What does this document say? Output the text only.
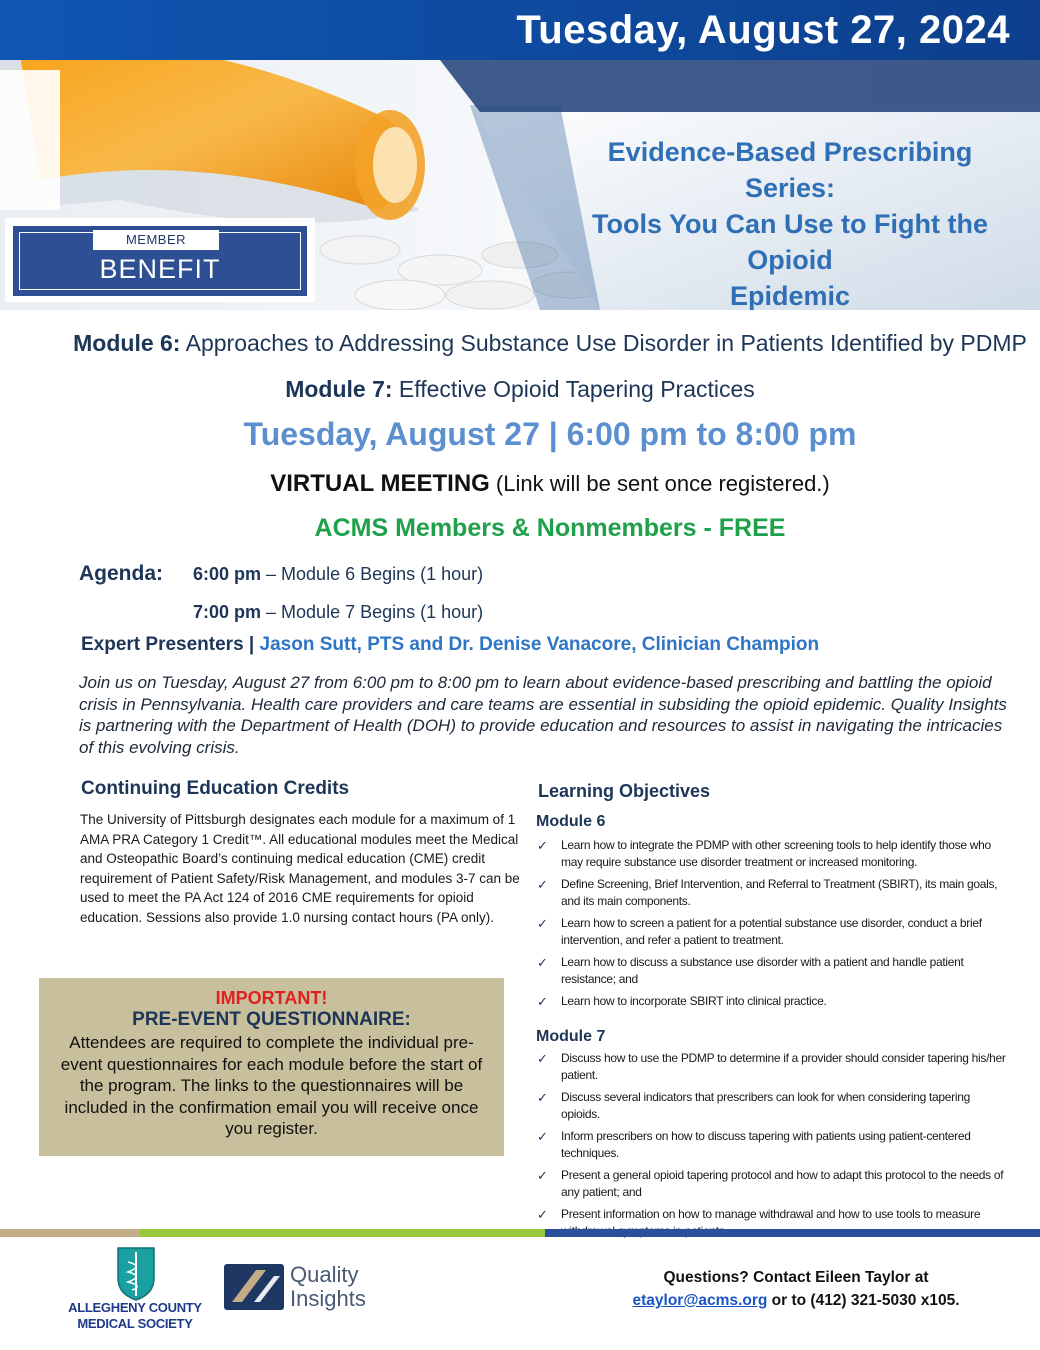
Tuesday, August 27, 2024
Evidence-Based Prescribing Series:
Tools You Can Use to Fight the Opioid
Epidemic
MEMBER
BENEFIT
Module 6: Approaches to Addressing Substance Use Disorder in Patients Identified by PDMP
Module 7: Effective Opioid Tapering Practices
Tuesday, August 27 | 6:00 pm to 8:00 pm
VIRTUAL MEETING (Link will be sent once registered.)
ACMS Members & Nonmembers - FREE
Agenda: 6:00 pm – Module 6 Begins (1 hour)
7:00 pm – Module 7 Begins (1 hour)
Expert Presenters | Jason Sutt, PTS and Dr. Denise Vanacore, Clinician Champion
Join us on Tuesday, August 27 from 6:00 pm to 8:00 pm to learn about evidence-based prescribing and battling the opioid crisis in Pennsylvania. Health care providers and care teams are essential in subsiding the opioid epidemic. Quality Insights is partnering with the Department of Health (DOH) to provide education and resources to assist in navigating the intricacies of this evolving crisis.
Continuing Education Credits
The University of Pittsburgh designates each module for a maximum of 1 AMA PRA Category 1 Credit™. All educational modules meet the Medical and Osteopathic Board’s continuing medical education (CME) credit requirement of Patient Safety/Risk Management, and modules 3-7 can be used to meet the PA Act 124 of 2016 CME requirements for opioid education. Sessions also provide 1.0 nursing contact hours (PA only).
IMPORTANT!
PRE-EVENT QUESTIONNAIRE:
Attendees are required to complete the individual pre-event questionnaires for each module before the start of the program. The links to the questionnaires will be included in the confirmation email you will receive once you register.
Learning Objectives
Module 6
✓ Learn how to integrate the PDMP with other screening tools to help identify those who may require substance use disorder treatment or increased monitoring.
✓ Define Screening, Brief Intervention, and Referral to Treatment (SBIRT), its main goals, and its main components.
✓ Learn how to screen a patient for a potential substance use disorder, conduct a brief intervention, and refer a patient to treatment.
✓ Learn how to discuss a substance use disorder with a patient and handle patient resistance; and
✓ Learn how to incorporate SBIRT into clinical practice.
Module 7
✓ Discuss how to use the PDMP to determine if a provider should consider tapering his/her patient.
✓ Discuss several indicators that prescribers can look for when considering tapering opioids.
✓ Inform prescribers on how to discuss tapering with patients using patient-centered techniques.
✓ Present a general opioid tapering protocol and how to adapt this protocol to the needs of any patient; and
✓ Present information on how to manage withdrawal and how to use tools to measure
ALLEGHENY COUNTY
MEDICAL SOCIETY
Quality
Insights
Questions? Contact Eileen Taylor at
etaylor@acms.org or to (412) 321-5030 x105.
